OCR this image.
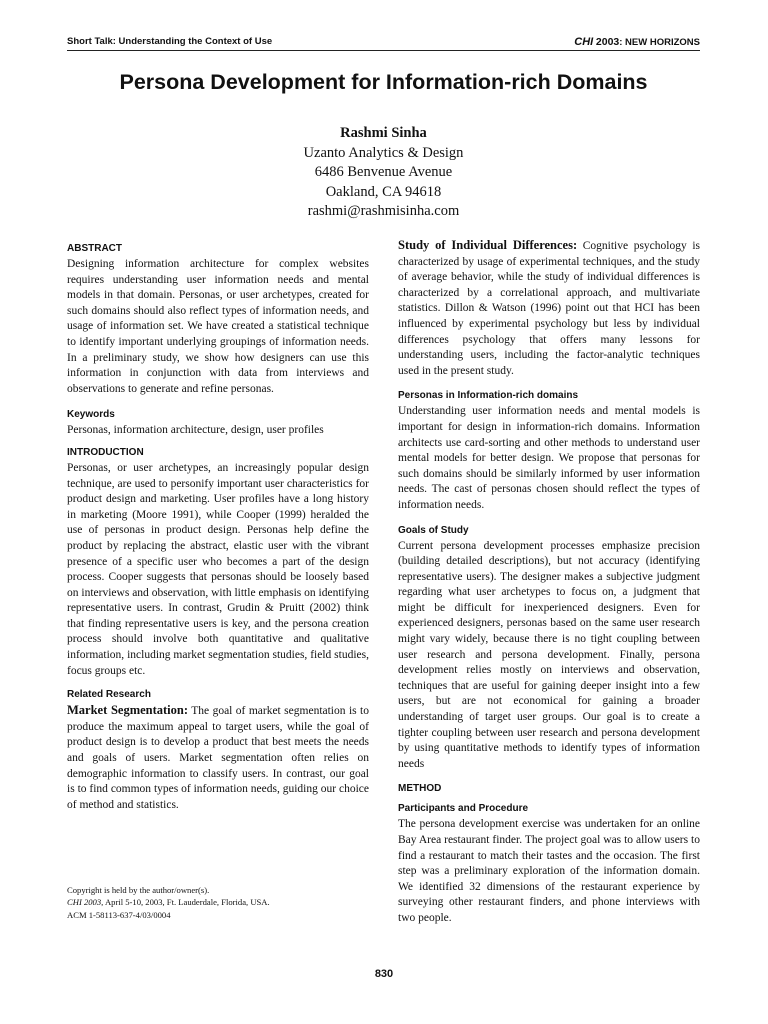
Short Talk: Understanding the Context of Use	CHI 2003: NEW HORIZONS
Persona Development for Information-rich Domains
Rashmi Sinha
Uzanto Analytics & Design
6486 Benvenue Avenue
Oakland, CA 94618
rashmi@rashmisinha.com
ABSTRACT

Designing information architecture for complex websites requires understanding user information needs and mental models in that domain. Personas, or user archetypes, created for such domains should also reflect types of information needs, and usage of information set. We have created a statistical technique to identify important underlying groupings of information needs. In a preliminary study, we show how designers can use this information in conjunction with data from interviews and observations to generate and refine personas.

Keywords

Personas, information architecture, design, user profiles

INTRODUCTION

Personas, or user archetypes, an increasingly popular design technique, are used to personify important user characteristics for product design and marketing. User profiles have a long history in marketing (Moore 1991), while Cooper (1999) heralded the use of personas in product design. Personas help define the product by replacing the abstract, elastic user with the vibrant presence of a specific user who becomes a part of the design process. Cooper suggests that personas should be loosely based on interviews and observation, with little emphasis on identifying representative users. In contrast, Grudin & Pruitt (2002) think that finding representative users is key, and the persona creation process should involve both quantitative and qualitative information, including market segmentation studies, field studies, focus groups etc.

Related Research

Market Segmentation: The goal of market segmentation is to produce the maximum appeal to target users, while the goal of product design is to develop a product that best meets the needs and goals of users. Market segmentation often relies on demographic information to classify users. In contrast, our goal is to find common types of information needs, guiding our choice of method and statistics.

Copyright is held by the author/owner(s).
CHI 2003, April 5-10, 2003, Ft. Lauderdale, Florida, USA.
ACM 1-58113-637-4/03/0004

Study of Individual Differences: Cognitive psychology is characterized by usage of experimental techniques, and the study of average behavior, while the study of individual differences is characterized by a correlational approach, and multivariate statistics. Dillon & Watson (1996) point out that HCI has been influenced by experimental psychology but less by individual differences psychology that offers many lessons for understanding users, including the factor-analytic techniques used in the present study.

Personas in Information-rich domains

Understanding user information needs and mental models is important for design in information-rich domains. Information architects use card-sorting and other methods to understand user mental models for better design. We propose that personas for such domains should be similarly informed by user information needs. The cast of personas chosen should reflect the types of information needs.

Goals of Study

Current persona development processes emphasize precision (building detailed descriptions), but not accuracy (identifying representative users). The designer makes a subjective judgment regarding what user archetypes to focus on, a judgment that might be difficult for inexperienced designers. Even for experienced designers, personas based on the same user research might vary widely, because there is no tight coupling between user research and persona development. Finally, persona development relies mostly on interviews and observation, techniques that are useful for gaining deeper insight into a few users, but are not economical for gaining a broader understanding of target user groups. Our goal is to create a tighter coupling between user research and persona development by using quantitative methods to identify types of information needs

METHOD
Participants and Procedure

The persona development exercise was undertaken for an online Bay Area restaurant finder. The project goal was to allow users to find a restaurant to match their tastes and the occasion. The first step was a preliminary exploration of the information domain. We identified 32 dimensions of the restaurant experience by surveying other restaurant finders, and phone interviews with two people.

830
